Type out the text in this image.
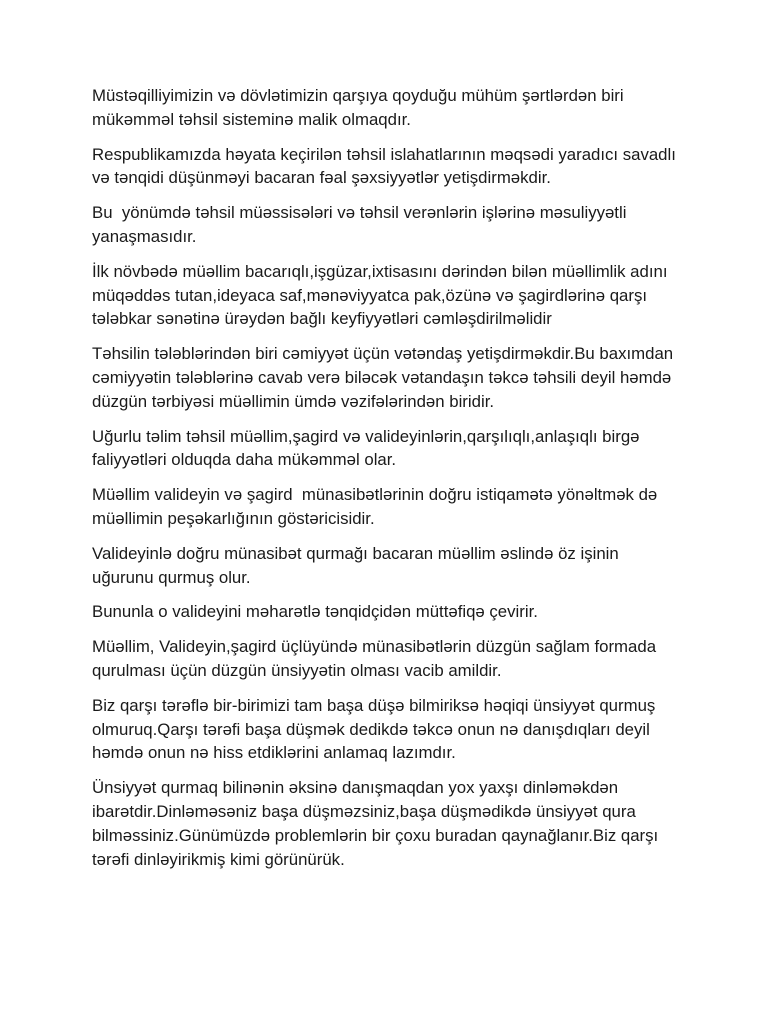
Müstəqilliyimizin və dövlətimizin qarşıya qoyduğu mühüm şərtlərdən biri
mükəmməl təhsil sisteminə malik olmaqdır.

Respublikamızda həyata keçirilən təhsil islahatlarının məqsədi yaradıcı savadlı
və tənqidi düşünməyi bacaran fəal şəxsiyyətlər yetişdirməkdir.

Bu  yönümdə təhsil müəssisələri və təhsil verənlərin işlərinə məsuliyyətli
yanaşmasıdır.

İlk növbədə müəllim bacarıqlı,işgüzar,ixtisasını dərindən bilən müəllimlik adını
müqəddəs tutan,ideyaca saf,mənəviyyatca pak,özünə və şagirdlərinə qarşı
tələbkar sənətinə ürəydən bağlı keyfiyyətləri cəmləşdirilməlidir

Təhsilin tələblərindən biri cəmiyyət üçün vətəndaş yetişdirməkdir.Bu baxımdan
cəmiyyətin tələblərinə cavab verə biləcək vətandaşın təkcə təhsili deyil həmdə
düzgün tərbiyəsi müəllimin ümdə vəzifələrindən biridir.

Uğurlu təlim təhsil müəllim,şagird və valideyinlərin,qarşılıqlı,anlaşıqlı birgə
faliyyətləri olduqda daha mükəmməl olar.

Müəllim valideyin və şagird  münasibətlərinin doğru istiqamətə yönəltmək də
müəllimin peşəkarlığının göstəricisidir.

Valideyinlə doğru münasibət qurmağı bacaran müəllim əslində öz işinin
uğurunu qurmuş olur.

Bununla o valideyini məharətlə tənqidçidən müttəfiqə çevirir.

Müəllim, Valideyin,şagird üçlüyündə münasibətlərin düzgün sağlam formada
qurulması üçün düzgün ünsiyyətin olması vacib amildir.

Biz qarşı tərəflə bir-birimizi tam başa düşə bilmiriksə həqiqi ünsiyyət qurmuş
olmuruq.Qarşı tərəfi başa düşmək dedikdə təkcə onun nə danışdıqları deyil
həmdə onun nə hiss etdiklərini anlamaq lazımdır.

Ünsiyyət qurmaq bilinənin əksinə danışmaqdan yox yaxşı dinləməkdən
ibarətdir.Dinləməsəniz başa düşməzsiniz,başa düşmədikdə ünsiyyət qura
bilməssiniz.Günümüzdə problemlərin bir çoxu buradan qaynağlanır.Biz qarşı
tərəfi dinləyirikmiş kimi görünürük.
